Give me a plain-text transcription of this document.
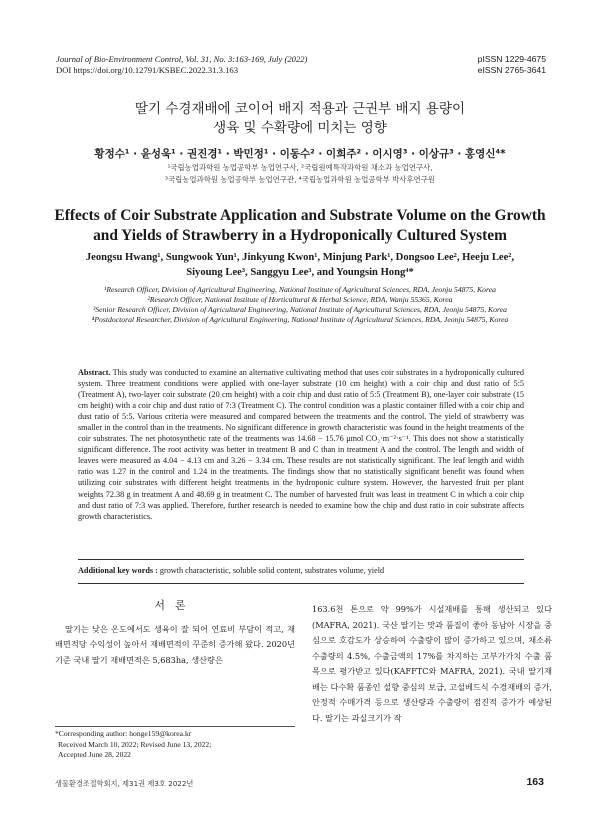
Journal of Bio-Environment Control, Vol. 31, No. 3:163-169, July (2022)
DOI https://doi.org/10.12791/KSBEC.2022.31.3.163
pISSN 1229-4675
eISSN 2765-3641
딸기 수경재배에 코이어 배지 적용과 근권부 배지 용량이
생육 및 수확량에 미치는 영향
황정수¹ · 윤성욱¹ · 권진경¹ · 박민정¹ · 이동수² · 이희주² · 이시영³ · 이상규³ · 홍영신⁴*
¹국립농업과학원 농업공학부 농업연구사, ²국립원예특작과학원 채소과 농업연구사,
³국립농업과학원 농업공학부 농업연구관, ⁴국립농업과학원 농업공학부 박사후연구원
Effects of Coir Substrate Application and Substrate Volume on the Growth
and Yields of Strawberry in a Hydroponically Cultured System
Jeongsu Hwang¹, Sungwook Yun¹, Jinkyung Kwon¹, Minjung Park¹, Dongsoo Lee², Heeju Lee²,
Siyoung Lee³, Sanggyu Lee³, and Youngsin Hong⁴*
¹Research Officer, Division of Agricultural Engineering, National Institute of Agricultural Sciences, RDA, Jeonju 54875, Korea
²Research Officer, National Institute of Horticultural & Herbal Science, RDA, Wanju 55365, Korea
³Senior Research Officer, Division of Agricultural Engineering, National Institute of Agricultural Sciences, RDA, Jeonju 54875, Korea
⁴Postdoctoral Researcher, Division of Agricultural Engineering, National Institute of Agricultural Sciences, RDA, Jeonju 54875, Korea
Abstract. This study was conducted to examine an alternative cultivating method that uses coir substrates in a hydroponically cultured system. Three treatment conditions were applied with one-layer substrate (10 cm height) with a coir chip and dust ratio of 5:5 (Treatment A), two-layer coir substrate (20 cm height) with a coir chip and dust ratio of 5:5 (Treatment B), one-layer coir substrate (15 cm height) with a coir chip and dust ratio of 7:3 (Treatment C). The control condition was a plastic container filled with a coir chip and dust ratio of 5:5. Various criteria were measured and compared between the treatments and the control. The yield of strawberry was smaller in the control than in the treatments. No significant difference in growth characteristic was found in the height treatments of the coir substrates. The net photosynthetic rate of the treatments was 14.68 − 15.76 μmol CO₂·m⁻²·s⁻¹. This does not show a statistically significant difference. The root activity was better in treatment B and C than in treatment A and the control. The length and width of leaves were measured as 4.04 − 4.13 cm and 3.26 − 3.34 cm. These results are not statistically significant. The leaf length and width ratio was 1.27 in the control and 1.24 in the treatments. The findings show that no statistically significant benefit was found when utilizing coir substrates with different height treatments in the hydroponic culture system. However, the harvested fruit per plant weights 72.38 g in treatment A and 48.69 g in treatment C. The number of harvested fruit was least in treatment C in which a coir chip and dust ratio of 7:3 was applied. Therefore, further research is needed to examine how the chip and dust ratio in coir substrate affects growth characteristics.
Additional key words : growth characteristic, soluble solid content, substrates volume, yield
서론
딸기는 낮은 온도에서도 생육이 잘 되어 연료비 부담이 적고, 재배면적당 수익성이 높아서 재배면적이 꾸준히 증가해 왔다. 2020년 기준 국내 딸기 재배면적은 5,683ha, 생산량은
163.6천 톤으로 약 99%가 시설재배를 통해 생산되고 있다(MAFRA, 2021). 국산 딸기는 맛과 품질이 좋아 동남아 시장을 중심으로 호감도가 상승하여 수출량이 많이 증가하고 있으며, 채소류 수출량의 4.5%, 수출금액의 17%를 차지하는 고부가가치 수출 품목으로 평가받고 있다(KAFFTC와 MAFRA, 2021). 국내 딸기재배는 다수확 품종인 설향 중심의 보급, 고설베드식 수경재배의 증가, 안정적 수매가격 등으로 생산량과 수출량이 점진적 증가가 예상된다. 딸기는 과실크기가 작
*Corresponding author: honge159@korea.kr
Received March 10, 2022; Revised June 13, 2022;
Accepted June 28, 2022
생물환경조절학회지, 제31권 제3호 2022년	163
